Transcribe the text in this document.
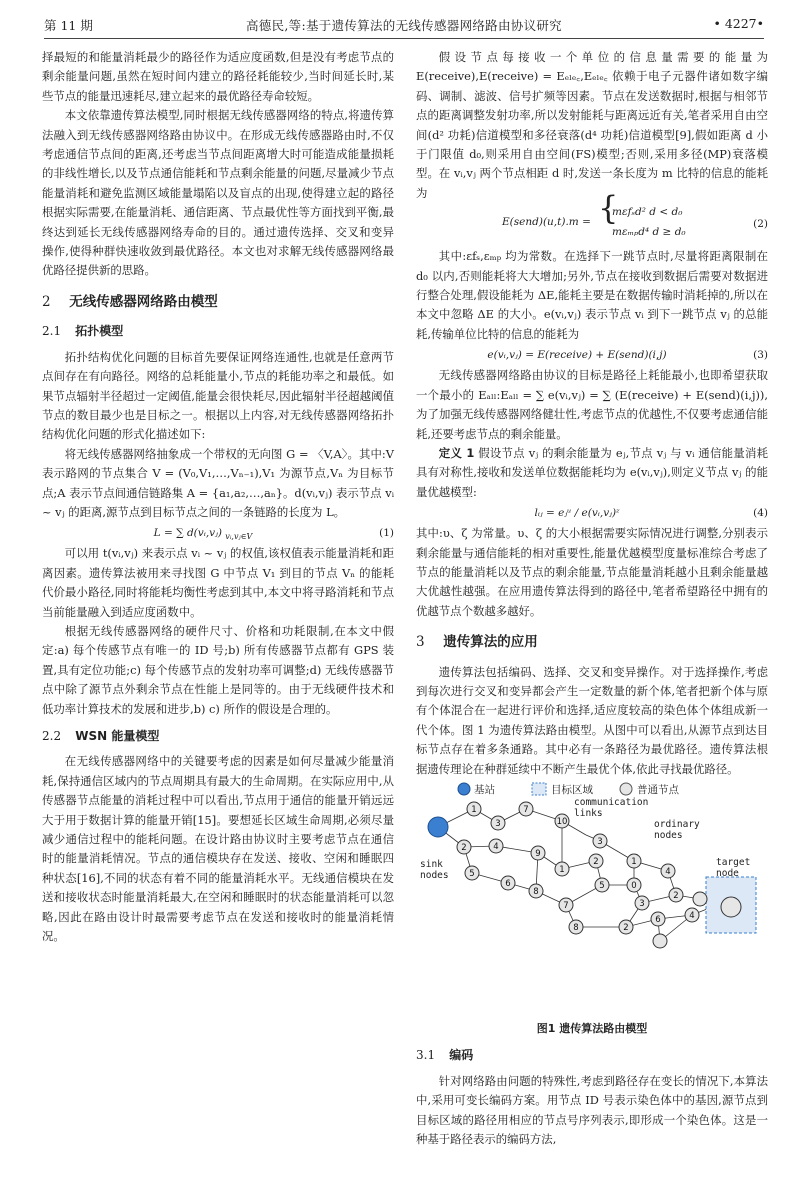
第 11 期	高德民,等:基于遗传算法的无线传感器网络路由协议研究	• 4227•

择最短的和能量消耗最少的路径作为适应度函数,但是没有考虑节点的剩余能量问题,虽然在短时间内建立的路径耗能较少,当时间延长时,某些节点的能量迅速耗尽,建立起来的最优路径寿命较短。

本文依靠遗传算法模型,同时根据无线传感器网络的特点,将遗传算法融入到无线传感器网络路由协议中。在形成无线传感器路由时,不仅考虑通信节点间的距离,还考虑当节点间距离增大时可能造成能量损耗的非线性增长,以及节点通信能耗和节点剩余能量的问题,尽量减少节点能量消耗和避免监测区域能量塌陷以及盲点的出现,使得建立起的路径根据实际需要,在能量消耗、通信距离、节点最优性等方面找到平衡,最终达到延长无线传感器网络寿命的目的。通过遗传选择、交叉和变异操作,使得种群快速收敛到最优路径。本文也对求解无线传感器网络最优路径提供新的思路。

2 无线传感器网络路由模型
2.1 拓扑模型

拓扑结构优化问题的目标首先要保证网络连通性,也就是任意两节点间存在有向路径。网络的总耗能量小,节点的耗能功率之和最低。如果节点辐射半径超过一定阈值,能量会很快耗尽,因此辐射半径超越阈值节点的数目最少也是目标之一。根据以上内容,对无线传感器网络拓扑结构优化问题的形式化描述如下:

将无线传感器网络抽象成一个带权的无向图 G = 〈V,A〉。其中:V 表示路网的节点集合 V = (V₀,V₁,…,Vₙ₋₁),V₁ 为源节点,Vₙ 为目标节点;A 表示节点间通信链路集 A = {a₁,a₂,…,aₙ}。d(vᵢ,vⱼ) 表示节点 vᵢ ~ vⱼ 的距离,源节点到目标节点之间的一条链路的长度为 L。

L = ∑ d(vᵢ,vⱼ) $_{vᵢ,vⱼ\in V}$	(1)

可以用 t(vᵢ,vⱼ) 来表示点 vᵢ ~ vⱼ 的权值,该权值表示能量消耗和距离因素。遗传算法被用来寻找图 G 中节点 V₁ 到目的节点 Vₙ 的能耗代价最小路径,同时将能耗均衡性考虑到其中,本文中将寻路消耗和节点当前能量融入到适应度函数中。

根据无线传感器网络的硬件尺寸、价格和功耗限制,在本文中假定:a) 每个传感节点有唯一的 ID 号;b) 所有传感器节点都有 GPS 装置,具有定位功能;c) 每个传感节点的发射功率可调整;d) 无线传感器节点中除了源节点外剩余节点在性能上是同等的。由于无线硬件技术和低功率计算技术的发展和进步,b) c) 所作的假设是合理的。

2.2 WSN 能量模型

在无线传感器网络中的关键要考虑的因素是如何尽量减少能量消耗,保持通信区域内的节点周期具有最大的生命周期。在实际应用中,从传感器节点能量的消耗过程中可以看出,节点用于通信的能量开销远远大于用于数据计算的能量开销[15]。要想延长区域生命周期,必须尽量减少通信过程中的能耗问题。在设计路由协议时主要考虑节点在通信时的能量消耗情况。节点的通信模块存在发送、接收、空闲和睡眠四种状态[16],不同的状态有着不同的能量消耗水平。无线通信模块在发送和接收状态时能量消耗最大,在空闲和睡眠时的状态能量消耗可以忽略,因此在路由设计时最需要考虑节点在发送和接收时的能量消耗情况。

假设节点每接收一个单位的信息量需要的能量为 E(receive),E(receive) = Eₑₗₑ꜀,Eₑₗₑ꜀ 依赖于电子元器件诸如数字编码、调制、滤波、信号扩频等因素。节点在发送数据时,根据与相邻节点的距离调整发射功率,所以发射能耗与距离远近有关,笔者采用自由空间(d² 功耗)信道模型和多径衰落(d⁴ 功耗)信道模型[9],假如距离 d 小于门限值 d₀,则采用自由空间(FS)模型;否则,采用多径(MP)衰落模型。在 vᵢ,vⱼ 两个节点相距 d 时,发送一条长度为 m 比特的信息的能耗为

E(send)(u,t).m = {
mεfₛd² d < d₀
mεₘₚd⁴ d ≥ d₀
(2)

其中:εfₛ,εₘₚ 均为常数。在选择下一跳节点时,尽量将距离限制在 d₀ 以内,否则能耗将大大增加;另外,节点在接收到数据后需要对数据进行整合处理,假设能耗为 ΔE,能耗主要是在数据传输时消耗掉的,所以在本文中忽略 ΔE 的大小。e(vᵢ,vⱼ) 表示节点 vᵢ 到下一跳节点 vⱼ 的总能耗,传输单位比特的信息的能耗为

e(vᵢ,vⱼ) = E(receive) + E(send)(i,j)	(3)

无线传感器网络路由协议的目标是路径上耗能最小,也即希望获取一个最小的 Eₐₗₗ:Eₐₗₗ = ∑ e(vᵢ,vⱼ) = ∑ (E(receive) + E(send)(i,j)),为了加强无线传感器网络健壮性,考虑节点的优越性,不仅要考虑通信能耗,还要考虑节点的剩余能量。

定义 1 假设节点 vⱼ 的剩余能量为 eⱼ,节点 vⱼ 与 vᵢ 通信能量消耗具有对称性,接收和发送单位数据能耗均为 e(vᵢ,vⱼ),则定义节点 vⱼ 的能量优越模型:

lᵢⱼ = eⱼᵘ / e(vᵢ,vⱼ)ᶻ	(4)

其中:υ、ζ 为常量。υ、ζ 的大小根据需要实际情况进行调整,分别表示剩余能量与通信能耗的相对重要性,能量优越模型度量标准综合考虑了节点的能量消耗以及节点的剩余能量,节点能量消耗越小且剩余能量越大优越性越强。在应用遗传算法得到的路径中,笔者希望路径中拥有的优越节点个数越多越好。

3 遗传算法的应用

遗传算法包括编码、选择、交叉和变异操作。对于选择操作,考虑到每次进行交叉和变异都会产生一定数量的新个体,笔者把新个体与原有个体混合在一起进行评价和选择,适应度较高的染色体个体组成新一代个体。图 1 为遗传算法路由模型。从图中可以看出,从源节点到达目标节点存在着多条通路。其中必有一条路径为最优路径。遗传算法根据遗传理论在种群延续中不断产生最优个体,依此寻找最优路径。

基站	目标区域	普通节点
1
2
3
4
5
6
7
8
9
10
1
2
3
5
7
8
1
0
3
4
2
2
6	4
communication links
ordinary nodes
sink nodes
target node
图1 遗传算法路由模型
3.1 编码

针对网络路由问题的特殊性,考虑到路径存在变长的情况下,本算法中,采用可变长编码方案。用节点 ID 号表示染色体中的基因,源节点到目标区域的路径用相应的节点号序列表示,即形成一个染色体。这是一种基于路径表示的编码方法,
